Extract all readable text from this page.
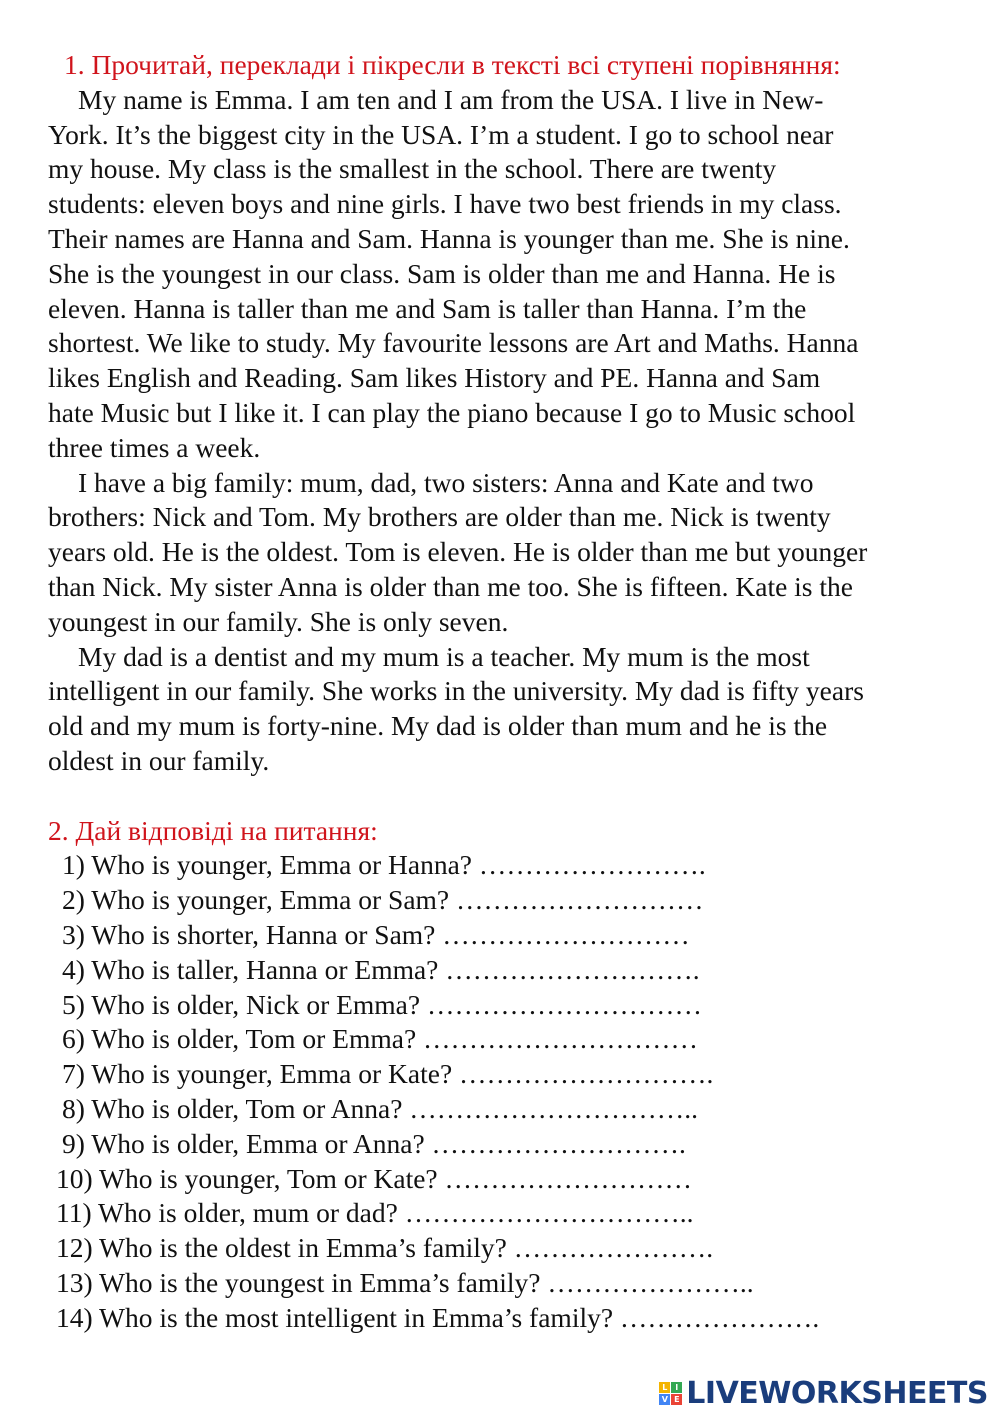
1. Прочитай, переклади і пікресли в тексті всі ступені порівняння:
My name is Emma. I am ten and I am from the USA. I live in New-
York. It’s the biggest city in the USA. I’m a student. I go to school near
my house. My class is the smallest in the school. There are twenty
students: eleven boys and nine girls. I have two best friends in my class.
Their names are Hanna and Sam. Hanna is younger than me. She is nine.
She is the youngest in our class. Sam is older than me and Hanna. He is
eleven. Hanna is taller than me and Sam is taller than Hanna. I’m the
shortest. We like to study. My favourite lessons are Art and Maths. Hanna
likes English and Reading. Sam likes History and PE. Hanna and Sam
hate Music but I like it. I can play the piano because I go to Music school
three times a week.
I have a big family: mum, dad, two sisters: Anna and Kate and two
brothers: Nick and Tom. My brothers are older than me. Nick is twenty
years old. He is the oldest. Tom is eleven. He is older than me but younger
than Nick. My sister Anna is older than me too. She is fifteen. Kate is the
youngest in our family. She is only seven.
My dad is a dentist and my mum is a teacher. My mum is the most
intelligent in our family. She works in the university. My dad is fifty years
old and my mum is forty-nine. My dad is older than mum and he is the
oldest in our family.
2. Дай відповіді на питання:
1) Who is younger, Emma or Hanna? …………………….
2) Who is younger, Emma or Sam? ………………………
3) Who is shorter, Hanna or Sam? ………………………
4) Who is taller, Hanna or Emma? ……………………….
5) Who is older, Nick or Emma? …………………………
6) Who is older, Tom or Emma? …………………………
7) Who is younger, Emma or Kate? ……………………….
8) Who is older, Tom or Anna? …………………………..
9) Who is older, Emma or Anna? ……………………….
10) Who is younger, Tom or Kate? ………………………
11) Who is older, mum or dad? …………………………..
12) Who is the oldest in Emma’s family? ………………….
13) Who is the youngest in Emma’s family? …………………..
14) Who is the most intelligent in Emma’s family? ………………….
L I
V E LIVEWORKSHEETS
